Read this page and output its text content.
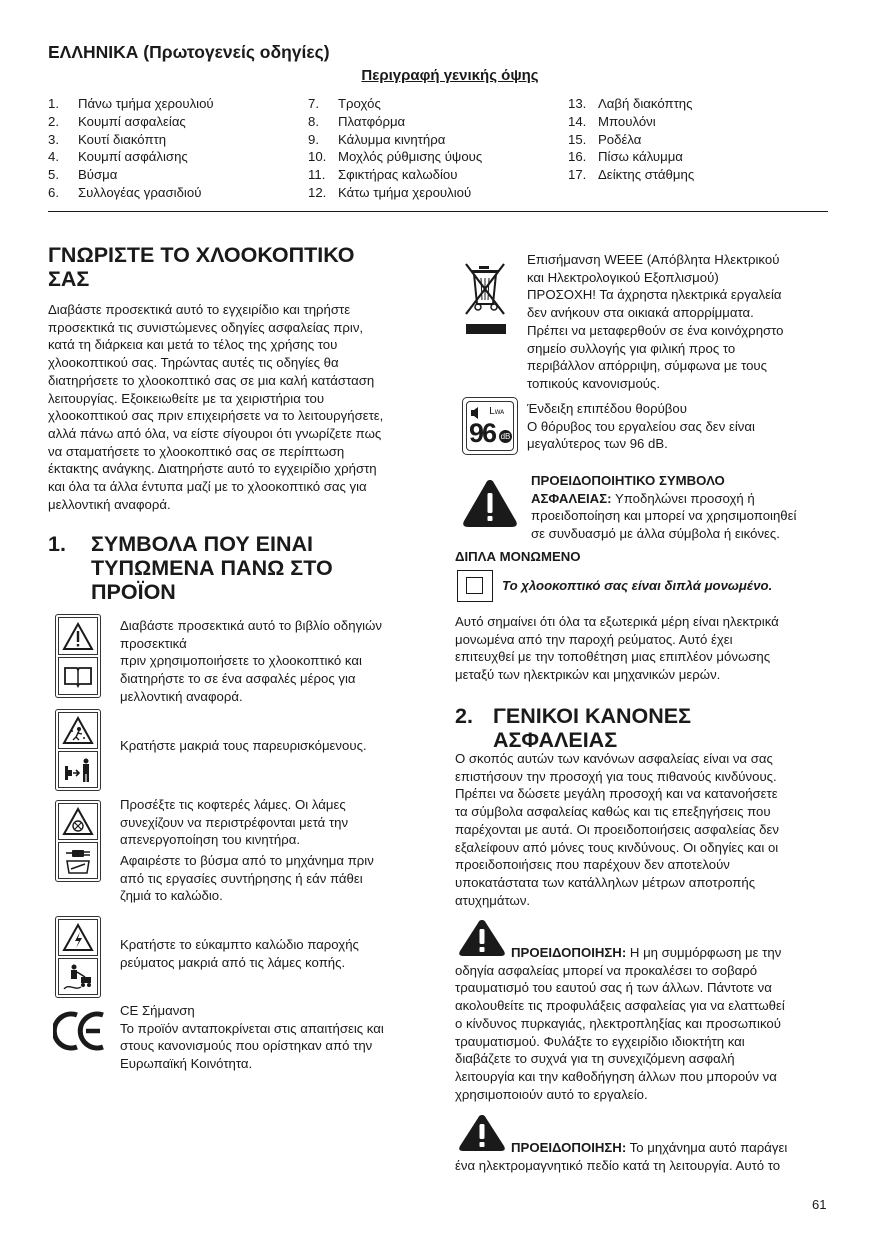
ΕΛΛΗΝΙΚΑ (Πρωτογενείς οδηγίες)
Περιγραφή γενικής όψης
1.	Πάνω τμήμα χερουλιού
2.	Κουμπί ασφαλείας
3.	Κουτί διακόπτη
4.	Κουμπί ασφάλισης
5.	Βύσμα
6.	Συλλογέας γρασιδιού
7.	Τροχός
8.	Πλατφόρμα
9.	Κάλυμμα κινητήρα
10. Μοχλός ρύθμισης ύψους
11. Σφικτήρας καλωδίου
12. Κάτω τμήμα χερουλιού
13. Λαβή διακόπτης
14. Μπουλόνι
15. Ροδέλα
16. Πίσω κάλυμμα
17. Δείκτης στάθμης
ΓΝΩΡΙΣΤΕ ΤΟ ΧΛΟΟΚΟΠΤΙΚΟ
ΣΑΣ
Διαβάστε προσεκτικά αυτό το εγχειρίδιο και τηρήστε
προσεκτικά τις συνιστώμενες οδηγίες ασφαλείας πριν,
κατά τη διάρκεια και μετά το τέλος της χρήσης του
χλοοκοπτικού σας. Τηρώντας αυτές τις οδηγίες θα
διατηρήσετε το χλοοκοπτικό σας σε μια καλή κατάσταση
λειτουργίας. Εξοικειωθείτε με τα χειριστήρια του
χλοοκοπτικού σας πριν επιχειρήσετε να το λειτουργήσετε,
αλλά πάνω από όλα, να είστε σίγουροι ότι γνωρίζετε πως
να σταματήσετε το χλοοκοπτικό σας σε περίπτωση
έκτακτης ανάγκης. Διατηρήστε αυτό το εγχειρίδιο χρήστη
και όλα τα άλλα έντυπα μαζί με το χλοοκοπτικό σας για
μελλοντική αναφορά.
1. ΣΥΜΒΟΛΑ ΠΟΥ ΕΙΝΑΙ
ΤΥΠΩΜΕΝΑ ΠΑΝΩ ΣΤΟ
ΠΡΟΪΟΝ
Διαβάστε προσεκτικά αυτό το βιβλίο οδηγιών προσεκτικά
πριν χρησιμοποιήσετε το χλοοκοπτικό και
διατηρήστε το σε ένα ασφαλές μέρος για
μελλοντική αναφορά.
Κρατήστε μακριά τους παρευρισκόμενους.
Προσέξτε τις κοφτερές λάμες. Οι λάμες
συνεχίζουν να περιστρέφονται μετά την
απενεργοποίηση του κινητήρα.
Αφαιρέστε το βύσμα από το μηχάνημα πριν
από τις εργασίες συντήρησης ή εάν πάθει
ζημιά το καλώδιο.
Κρατήστε το εύκαμπτο καλώδιο παροχής
ρεύματος μακριά από τις λάμες κοπής.
CE Σήμανση
Το προϊόν ανταποκρίνεται στις απαιτήσεις και
στους κανονισμούς που ορίστηκαν από την
Ευρωπαϊκή Κοινότητα.
Επισήμανση WEEE (Απόβλητα Ηλεκτρικού
και Ηλεκτρολογικού Εξοπλισμού)
ΠΡΟΣΟΧΗ! Τα άχρηστα ηλεκτρικά εργαλεία
δεν ανήκουν στα οικιακά απορρίμματα.
Πρέπει να μεταφερθούν σε ένα κοινόχρηστο
σημείο συλλογής για φιλική προς το
περιβάλλον απόρριψη, σύμφωνα με τους
τοπικούς κανονισμούς.
LWA
96 dB
Ένδειξη επιπέδου θορύβου
Ο θόρυβος του εργαλείου σας δεν είναι
μεγαλύτερος των 96 dB.
ΠΡΟΕΙΔΟΠΟΙΗΤΙΚΟ ΣΥΜΒΟΛΟ
ΑΣΦΑΛΕΙΑΣ: Υποδηλώνει προσοχή ή
προειδοποίηση και μπορεί να χρησιμοποιηθεί
σε συνδυασμό με άλλα σύμβολα ή εικόνες.
ΔΙΠΛΑ ΜΟΝΩΜΕΝΟ
Το χλοοκοπτικό σας είναι διπλά μονωμένο.
Αυτό σημαίνει ότι όλα τα εξωτερικά μέρη είναι ηλεκτρικά
μονωμένα από την παροχή ρεύματος. Αυτό έχει
επιτευχθεί με την τοποθέτηση μιας επιπλέον μόνωσης
μεταξύ των ηλεκτρικών και μηχανικών μερών.
2. ΓΕΝΙΚΟΙ ΚΑΝΟΝΕΣ
ΑΣΦΑΛΕΙΑΣ
Ο σκοπός αυτών των κανόνων ασφαλείας είναι να σας
επιστήσουν την προσοχή για τους πιθανούς κινδύνους.
Πρέπει να δώσετε μεγάλη προσοχή και να κατανοήσετε
τα σύμβολα ασφαλείας καθώς και τις επεξηγήσεις που
παρέχονται με αυτά. Οι προειδοποιήσεις ασφαλείας δεν
εξαλείφουν από μόνες τους κινδύνους. Οι οδηγίες και οι
προειδοποιήσεις που παρέχουν δεν αποτελούν
υποκατάστατα των κατάλληλων μέτρων αποτροπής
ατυχημάτων.
ΠΡΟΕΙΔΟΠΟΙΗΣΗ: Η μη συμμόρφωση με την
οδηγία ασφαλείας μπορεί να προκαλέσει το σοβαρό
τραυματισμό του εαυτού σας ή των άλλων. Πάντοτε να
ακολουθείτε τις προφυλάξεις ασφαλείας για να ελαττωθεί
ο κίνδυνος πυρκαγιάς, ηλεκτροπληξίας και προσωπικού
τραυματισμού. Φυλάξτε το εγχειρίδιο ιδιοκτήτη και
διαβάζετε το συχνά για τη συνεχιζόμενη ασφαλή
λειτουργία και την καθοδήγηση άλλων που μπορούν να
χρησιμοποιούν αυτό το εργαλείο.
ΠΡΟΕΙΔΟΠΟΙΗΣΗ: Το μηχάνημα αυτό παράγει
ένα ηλεκτρομαγνητικό πεδίο κατά τη λειτουργία. Αυτό το
61
